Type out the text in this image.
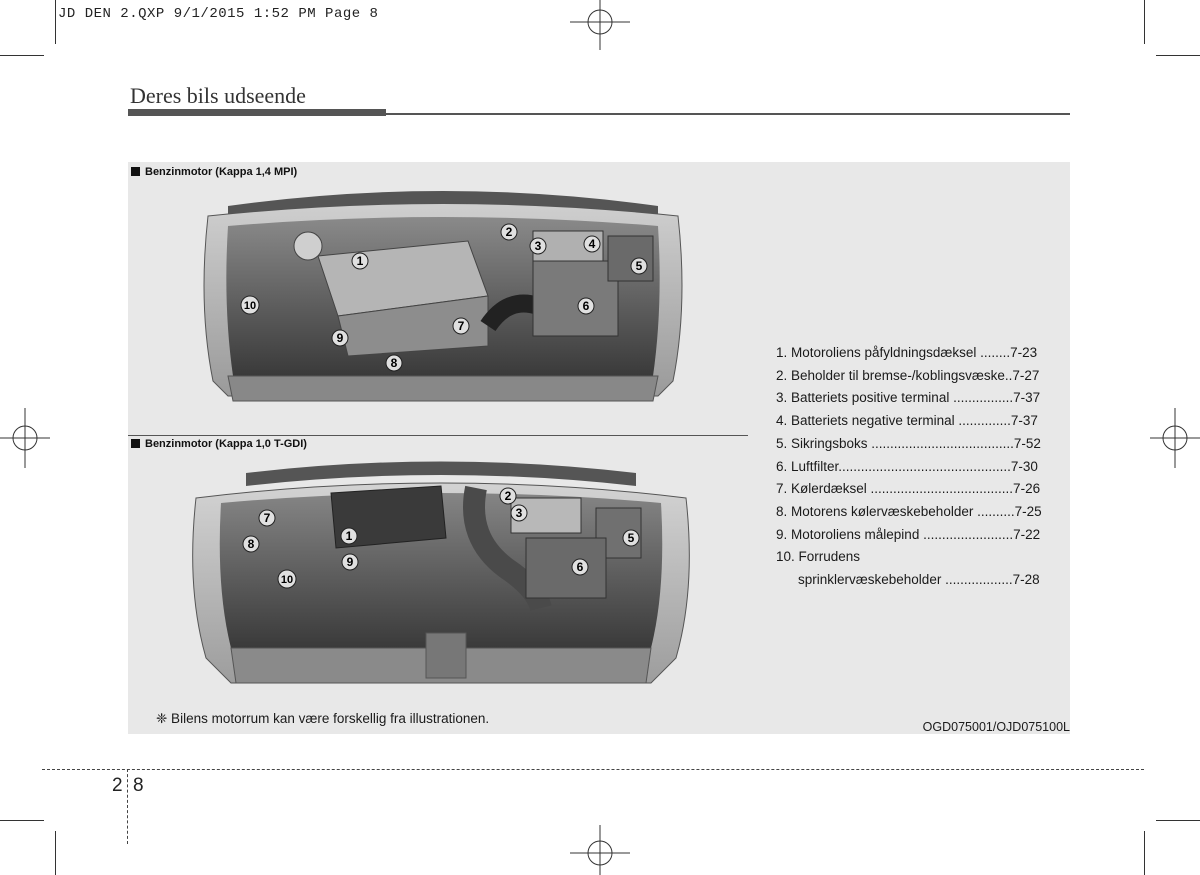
JD DEN 2.QXP 9/1/2015 1:52 PM Page 8
Deres bils udseende
Benzinmotor (Kappa 1,4 MPI)
1
2
3	4
5
6
7
8
9
10
Benzinmotor (Kappa 1,0 T-GDI)
1
2
3
5
6
7
8
9
10
1. Motoroliens påfyldningsdæksel ........7-23
2. Beholder til bremse-/koblingsvæske..7-27
3. Batteriets positive terminal ................7-37
4. Batteriets negative terminal ..............7-37
5. Sikringsboks ......................................7-52
6. Luftfilter..............................................7-30
7. Kølerdæksel ......................................7-26
8. Motorens kølervæskebeholder ..........7-25
9. Motoroliens målepind ........................7-22
10. Forrudens
sprinklervæskebeholder ..................7-28
❈ Bilens motorrum kan være forskellig fra illustrationen.
OGD075001/OJD075100L
2 8
